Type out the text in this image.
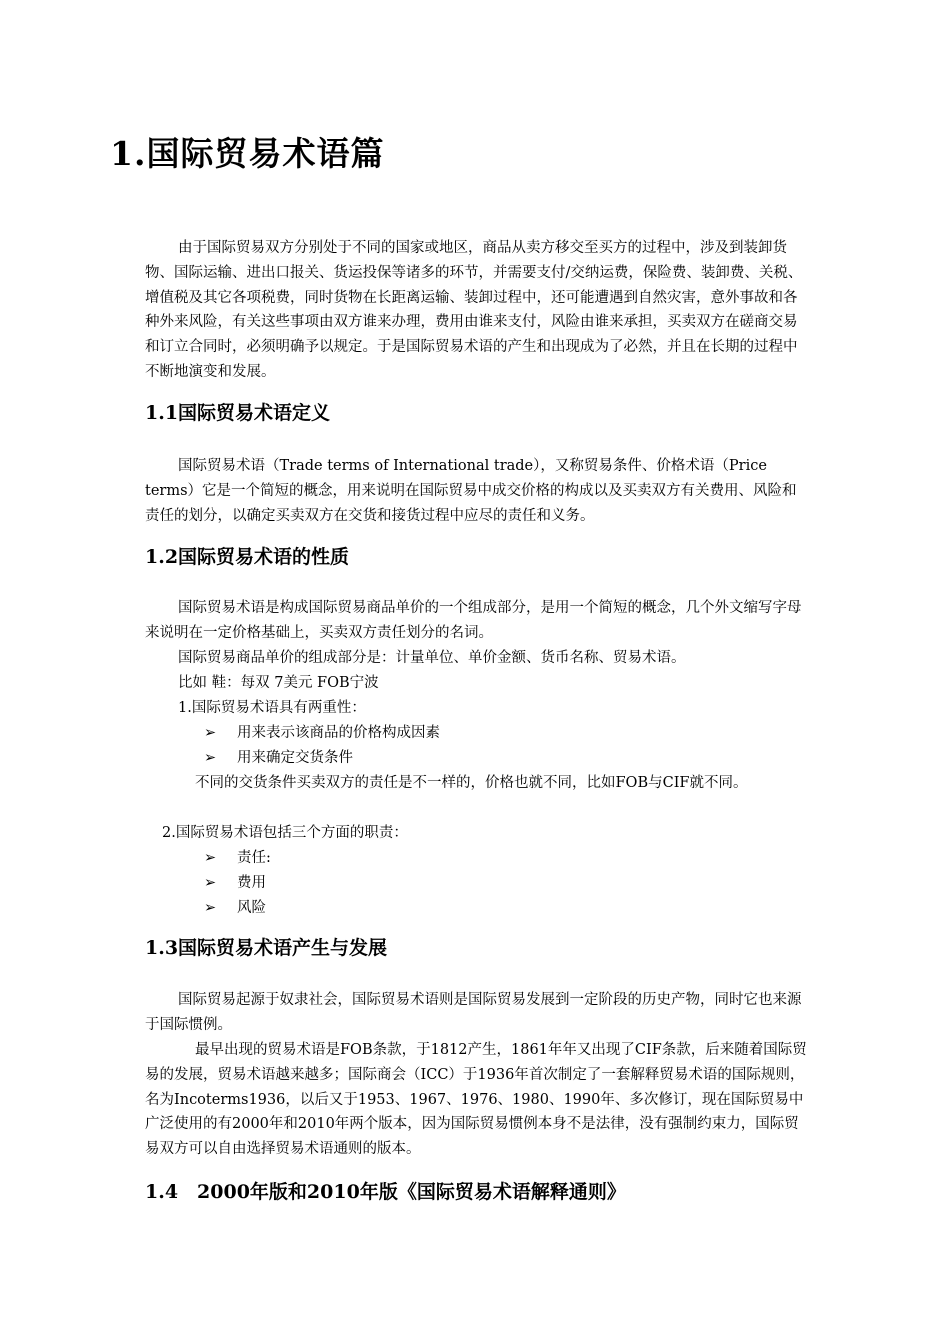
1.国际贸易术语篇

由于国际贸易双方分别处于不同的国家或地区，商品从卖方移交至买方的过程中，涉及到装卸货物、国际运输、进出口报关、货运投保等诸多的环节，并需要支付/交纳运费，保险费、装卸费、关税、增值税及其它各项税费，同时货物在长距离运输、装卸过程中，还可能遭遇到自然灾害，意外事故和各种外来风险，有关这些事项由双方谁来办理，费用由谁来支付，风险由谁来承担，买卖双方在磋商交易和订立合同时，必须明确予以规定。于是国际贸易术语的产生和出现成为了必然，并且在长期的过程中不断地演变和发展。

1.1国际贸易术语定义

国际贸易术语（Trade terms of International trade），又称贸易条件、价格术语（Price terms）它是一个简短的概念，用来说明在国际贸易中成交价格的构成以及买卖双方有关费用、风险和责任的划分，以确定买卖双方在交货和接货过程中应尽的责任和义务。

1.2国际贸易术语的性质

国际贸易术语是构成国际贸易商品单价的一个组成部分，是用一个简短的概念，几个外文缩写字母来说明在一定价格基础上，买卖双方责任划分的名词。

国际贸易商品单价的组成部分是：计量单位、单价金额、货币名称、贸易术语。
比如 鞋：每双 7美元 FOB宁波
1.国际贸易术语具有两重性：
➢ 用来表示该商品的价格构成因素
➢ 用来确定交货条件

不同的交货条件买卖双方的责任是不一样的，价格也就不同，比如FOB与CIF就不同。

2.国际贸易术语包括三个方面的职责：
➢ 责任:
➢ 费用
➢ 风险
1.3国际贸易术语产生与发展

国际贸易起源于奴隶社会，国际贸易术语则是国际贸易发展到一定阶段的历史产物，同时它也来源于国际惯例。

最早出现的贸易术语是FOB条款，于1812产生，1861年年又出现了CIF条款，后来随着国际贸易的发展，贸易术语越来越多；国际商会（ICC）于1936年首次制定了一套解释贸易术语的国际规则，名为Incoterms1936，以后又于1953、1967、1976、1980、1990年、多次修订，现在国际贸易中广泛使用的有2000年和2010年两个版本，因为国际贸易惯例本身不是法律，没有强制约束力，国际贸易双方可以自由选择贸易术语通则的版本。

1.4　2000年版和2010年版《国际贸易术语解释通则》
